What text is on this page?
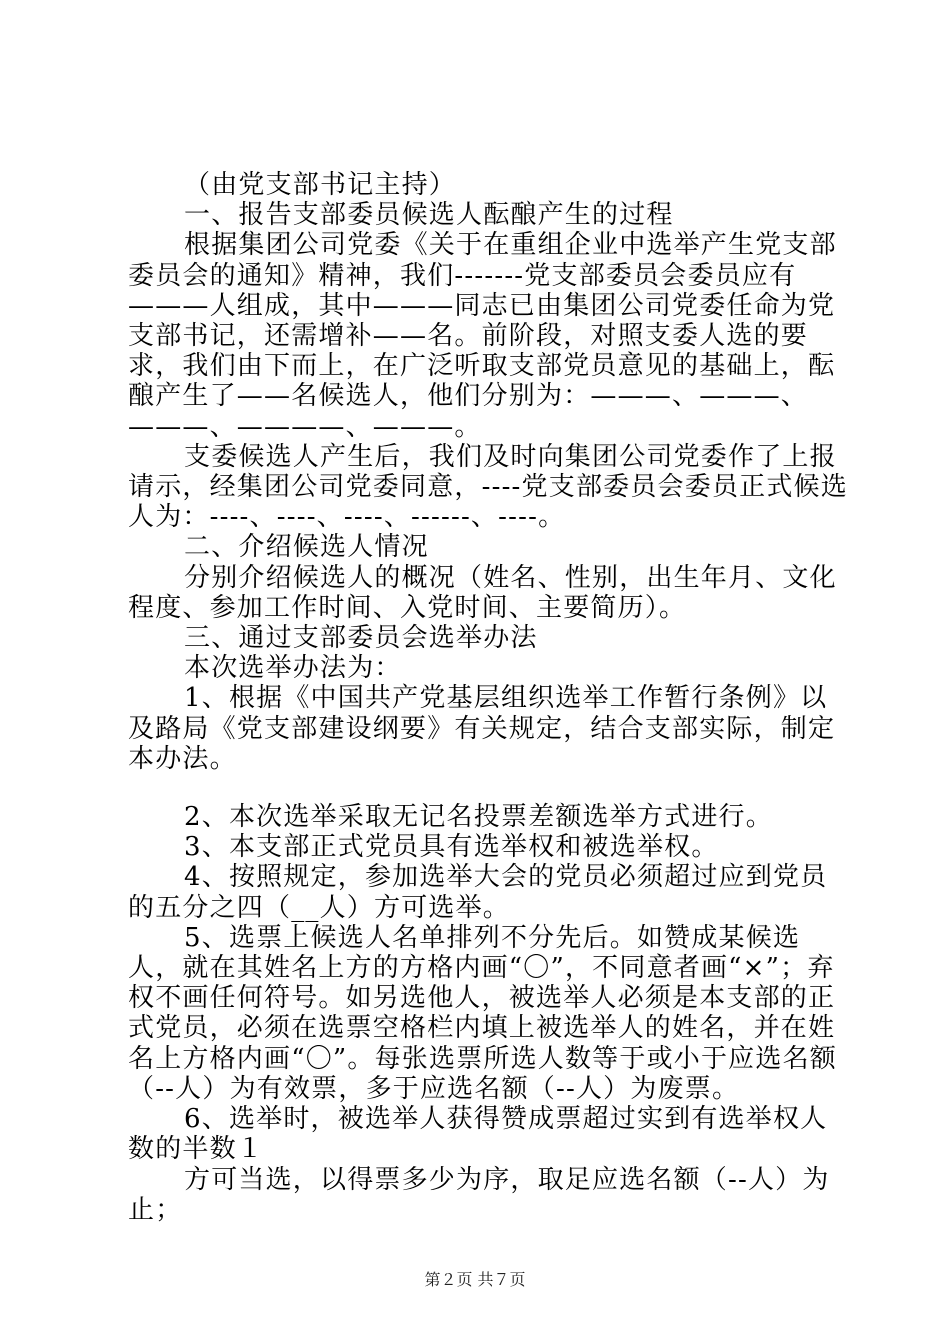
（由党支部书记主持）

一、报告支部委员候选人酝酿产生的过程

根据集团公司党委《关于在重组企业中选举产生党支部委员会的通知》精神，我们-------党支部委员会委员应有———人组成，其中———同志已由集团公司党委任命为党支部书记，还需增补——名。前阶段，对照支委人选的要求，我们由下而上，在广泛听取支部党员意见的基础上，酝酿产生了——名候选人，他们分别为：———、———、———、————、———。

支委候选人产生后，我们及时向集团公司党委作了上报请示，经集团公司党委同意，----党支部委员会委员正式候选人为：----、----、----、------、----。

二、介绍候选人情况

分别介绍候选人的概况（姓名、性别，出生年月、文化程度、参加工作时间、入党时间、主要简历）。

三、通过支部委员会选举办法

本次选举办法为：

1、根据《中国共产党基层组织选举工作暂行条例》以及路局《党支部建设纲要》有关规定，结合支部实际，制定本办法。

2、本次选举采取无记名投票差额选举方式进行。

3、本支部正式党员具有选举权和被选举权。

4、按照规定，参加选举大会的党员必须超过应到党员的五分之四（__人）方可选举。

5、选票上候选人名单排列不分先后。如赞成某候选人，就在其姓名上方的方格内画“〇”，不同意者画“×”；弃权不画任何符号。如另选他人，被选举人必须是本支部的正式党员，必须在选票空格栏内填上被选举人的姓名，并在姓名上方格内画“〇”。每张选票所选人数等于或小于应选名额（--人）为有效票，多于应选名额（--人）为废票。

6、选举时，被选举人获得赞成票超过实到有选举权人数的半数１

方可当选，以得票多少为序，取足应选名额（--人）为止；

第２页 共７页
